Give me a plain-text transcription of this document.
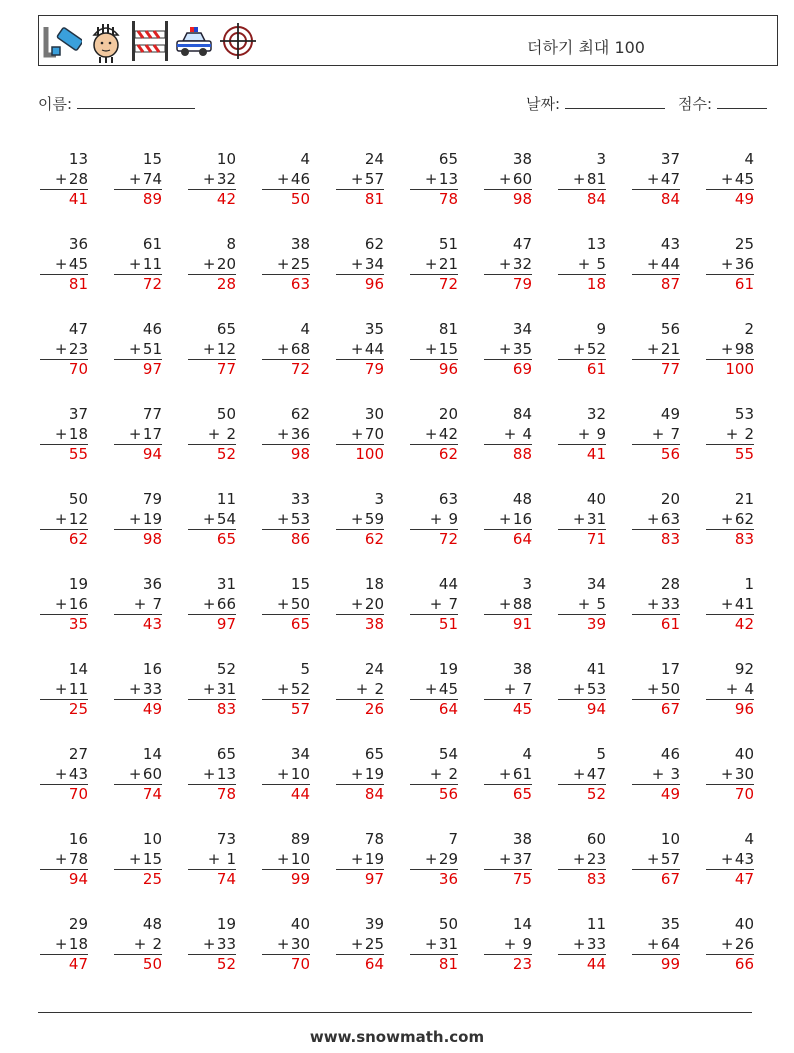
더하기 최대 100
이름:	날짜:	점수:
13
+ 28
41
15
+ 74
89
10
+ 32
42
4
+ 46
50
24
+ 57
81
65
+ 13
78
38
+ 60
98
3
+ 81
84
37
+ 47
84
4
+ 45
49
36
+ 45
81
61
+ 11
72
8
+ 20
28
38
+ 25
63
62
+ 34
96
51
+ 21
72
47
+ 32
79
13
+ 5
18
43
+ 44
87
25
+ 36
61
47
+ 23
70
46
+ 51
97
65
+ 12
77
4
+ 68
72
35
+ 44
79
81
+ 15
96
34
+ 35
69
9
+ 52
61
56
+ 21
77
2
+ 98
100
37
+ 18
55
77
+ 17
94
50
+ 2
52
62
+ 36
98
30
+ 70
100
20
+ 42
62
84
+ 4
88
32
+ 9
41
49
+ 7
56
53
+ 2
55
50
+ 12
62
79
+ 19
98
11
+ 54
65
33
+ 53
86
3
+ 59
62
63
+ 9
72
48
+ 16
64
40
+ 31
71
20
+ 63
83
21
+ 62
83
19
+ 16
35
36
+ 7
43
31
+ 66
97
15
+ 50
65
18
+ 20
38
44
+ 7
51
3
+ 88
91
34
+ 5
39
28
+ 33
61
1
+ 41
42
14
+ 11
25
16
+ 33
49
52
+ 31
83
5
+ 52
57
24
+ 2
26
19
+ 45
64
38
+ 7
45
41
+ 53
94
17
+ 50
67
92
+ 4
96
27
+ 43
70
14
+ 60
74
65
+ 13
78
34
+ 10
44
65
+ 19
84
54
+ 2
56
4
+ 61
65
5
+ 47
52
46
+ 3
49
40
+ 30
70
16
+ 78
94
10
+ 15
25
73
+ 1
74
89
+ 10
99
78
+ 19
97
7
+ 29
36
38
+ 37
75
60
+ 23
83
10
+ 57
67
4
+ 43
47
29
+ 18
47
48
+ 2
50
19
+ 33
52
40
+ 30
70
39
+ 25
64
50
+ 31
81
14
+ 9
23
11
+ 33
44
35
+ 64
99
40
+ 26
66
www.snowmath.com
